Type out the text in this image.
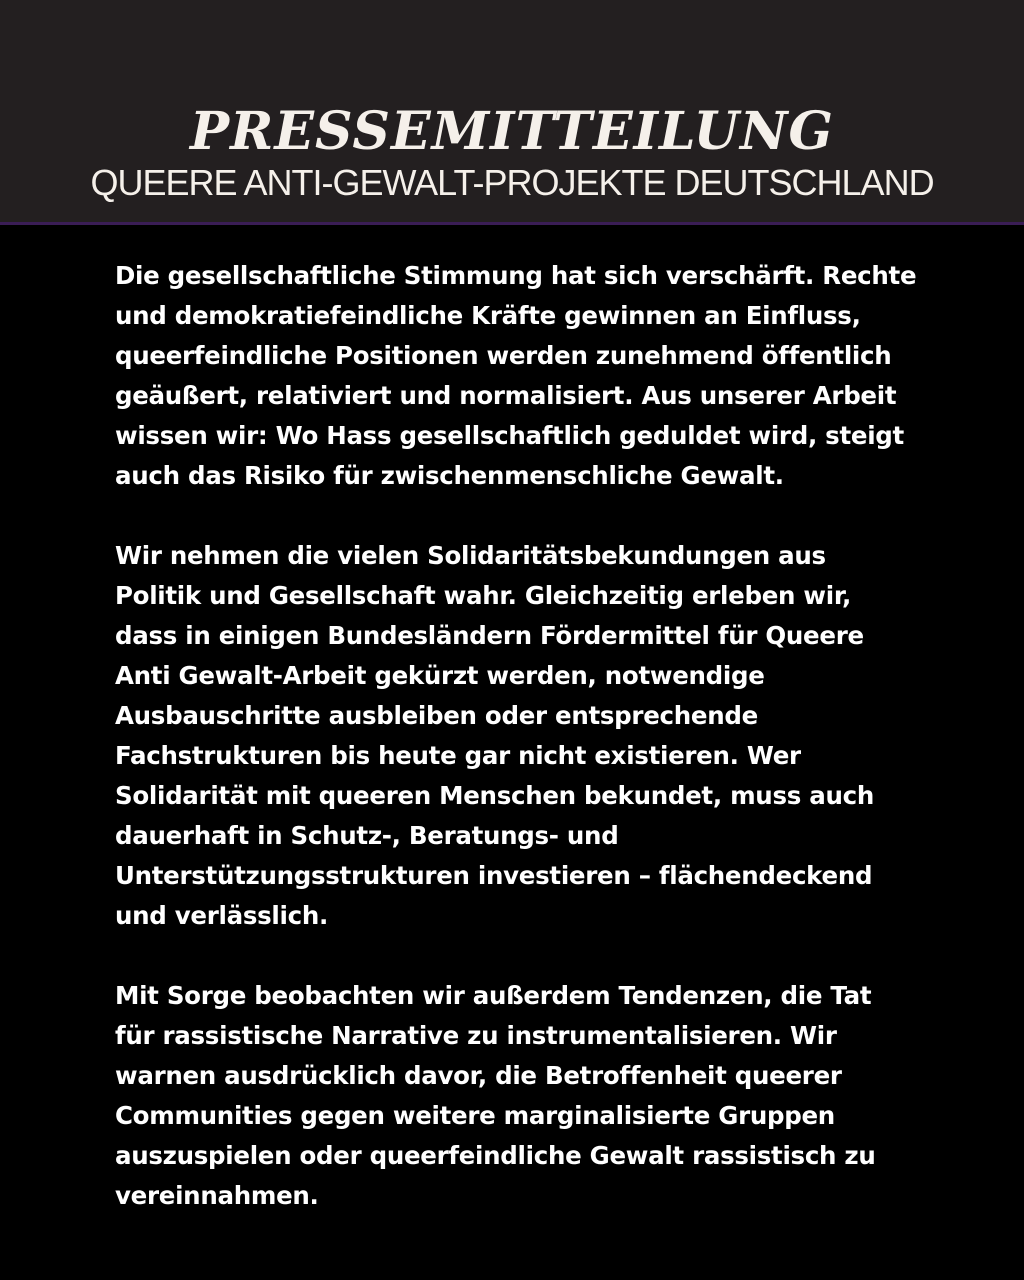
PRESSEMITTEILUNG
QUEERE ANTI-GEWALT-PROJEKTE DEUTSCHLAND

Die gesellschaftliche Stimmung hat sich verschärft. Rechte
und demokratiefeindliche Kräfte gewinnen an Einfluss,
queerfeindliche Positionen werden zunehmend öffentlich
geäußert, relativiert und normalisiert. Aus unserer Arbeit
wissen wir: Wo Hass gesellschaftlich geduldet wird, steigt
auch das Risiko für zwischenmenschliche Gewalt.

Wir nehmen die vielen Solidaritätsbekundungen aus
Politik und Gesellschaft wahr. Gleichzeitig erleben wir,
dass in einigen Bundesländern Fördermittel für Queere
Anti Gewalt-Arbeit gekürzt werden, notwendige
Ausbauschritte ausbleiben oder entsprechende
Fachstrukturen bis heute gar nicht existieren. Wer
Solidarität mit queeren Menschen bekundet, muss auch
dauerhaft in Schutz-, Beratungs- und
Unterstützungsstrukturen investieren – flächendeckend
und verlässlich.

Mit Sorge beobachten wir außerdem Tendenzen, die Tat
für rassistische Narrative zu instrumentalisieren. Wir
warnen ausdrücklich davor, die Betroffenheit queerer
Communities gegen weitere marginalisierte Gruppen
auszuspielen oder queerfeindliche Gewalt rassistisch zu
vereinnahmen.
